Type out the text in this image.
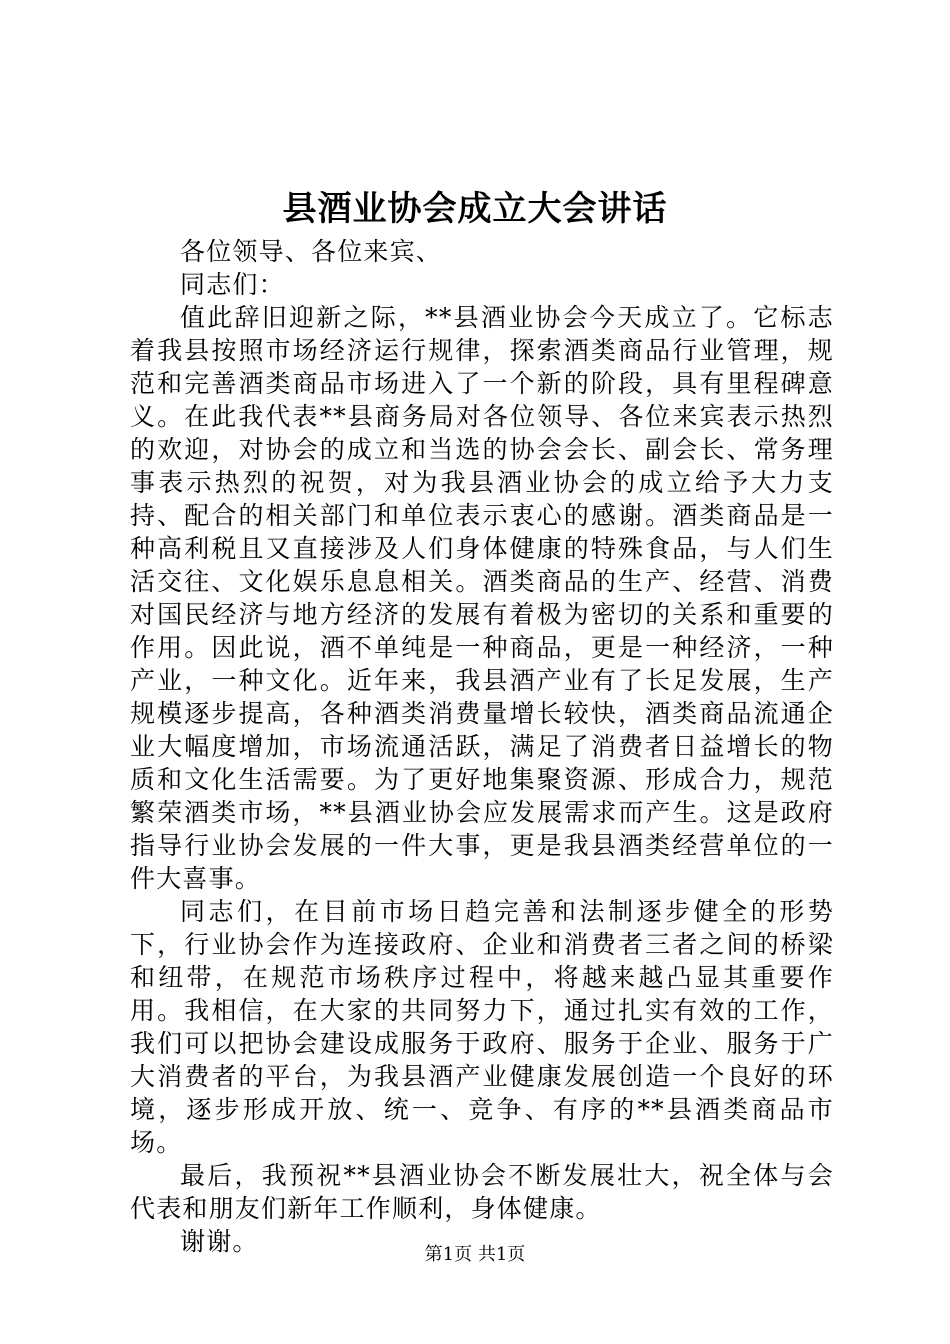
县酒业协会成立大会讲话

各位领导、各位来宾、

同志们：

值此辞旧迎新之际，**县酒业协会今天成立了。它标志着我县按照市场经济运行规律，探索酒类商品行业管理，规范和完善酒类商品市场进入了一个新的阶段，具有里程碑意义。在此我代表**县商务局对各位领导、各位来宾表示热烈的欢迎，对协会的成立和当选的协会会长、副会长、常务理事表示热烈的祝贺，对为我县酒业协会的成立给予大力支持、配合的相关部门和单位表示衷心的感谢。酒类商品是一种高利税且又直接涉及人们身体健康的特殊食品，与人们生活交往、文化娱乐息息相关。酒类商品的生产、经营、消费对国民经济与地方经济的发展有着极为密切的关系和重要的作用。因此说，酒不单纯是一种商品，更是一种经济，一种产业，一种文化。近年来，我县酒产业有了长足发展，生产规模逐步提高，各种酒类消费量增长较快，酒类商品流通企业大幅度增加，市场流通活跃，满足了消费者日益增长的物质和文化生活需要。为了更好地集聚资源、形成合力，规范繁荣酒类市场，**县酒业协会应发展需求而产生。这是政府指导行业协会发展的一件大事，更是我县酒类经营单位的一件大喜事。

同志们，在目前市场日趋完善和法制逐步健全的形势下，行业协会作为连接政府、企业和消费者三者之间的桥梁和纽带，在规范市场秩序过程中，将越来越凸显其重要作用。我相信，在大家的共同努力下，通过扎实有效的工作，我们可以把协会建设成服务于政府、服务于企业、服务于广大消费者的平台，为我县酒产业健康发展创造一个良好的环境，逐步形成开放、统一、竞争、有序的**县酒类商品市场。

最后，我预祝**县酒业协会不断发展壮大，祝全体与会代表和朋友们新年工作顺利，身体健康。

谢谢。	第1页 共1页
